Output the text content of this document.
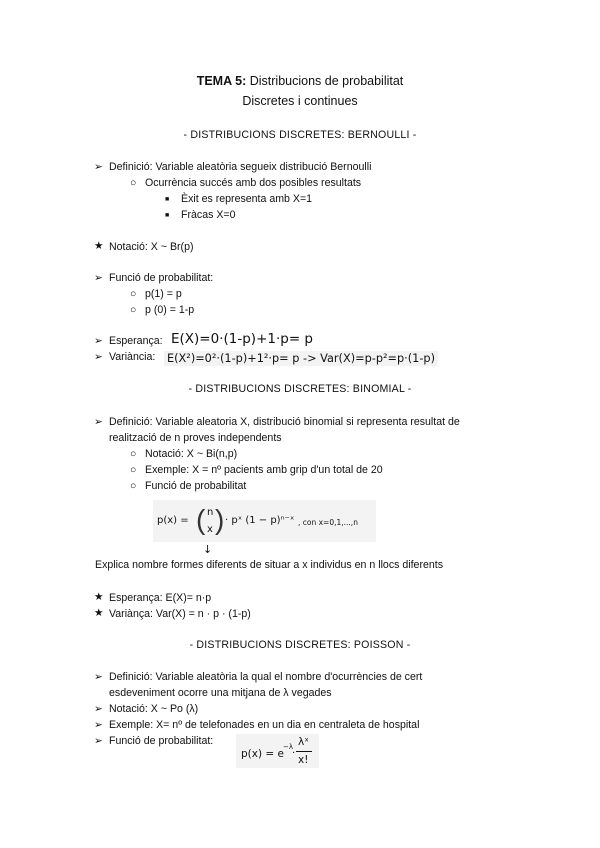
TEMA 5: Distribucions de probabilitat
Discretes i continues
- DISTRIBUCIONS DISCRETES: BERNOULLI -
➢ Definició: Variable aleatòria segueix distribució Bernoulli
○ Ocurrència succés amb dos posibles resultats
■ Èxit es representa amb X=1
■ Fràcas X=0
★ Notació: X ~ Br(p)
➢ Funció de probabilitat:
○ p(1) = p
○ p (0) = 1-p
➢ Esperança: E(X)=0·(1-p)+1·p= p
➢ Variància: E(X²)=0²·(1-p)+1²·p= p -> Var(X)=p-p²=p·(1-p)
- DISTRIBUCIONS DISCRETES: BINOMIAL -
➢ Definició: Variable aleatoria X, distribució binomial si representa resultat de
realització de n proves independents
○ Notació: X ~ Bi(n,p)
○ Exemple: X = nº pacients amb grip d'un total de 20
○ Funció de probabilitat
p(x) = ( n
x ) · pˣ (1 − p)ⁿ⁻ˣ , con x=0,1,...,n
↓
Explica nombre formes diferents de situar a x individus en n llocs diferents
★ Esperança: E(X)= n·p
★ Variànça: Var(X) = n · p · (1-p)
- DISTRIBUCIONS DISCRETES: POISSON -
➢ Definició: Variable aleatòria la qual el nombre d'ocurrències de cert
esdeveniment ocorre una mitjana de λ vegades
➢ Notació: X ~ Po (λ)
➢ Exemple: X= nº de telefonades en un dia en centraleta de hospital
➢ Funció de probabilitat:
p(x) = e
−λ
·
λˣ
x!
